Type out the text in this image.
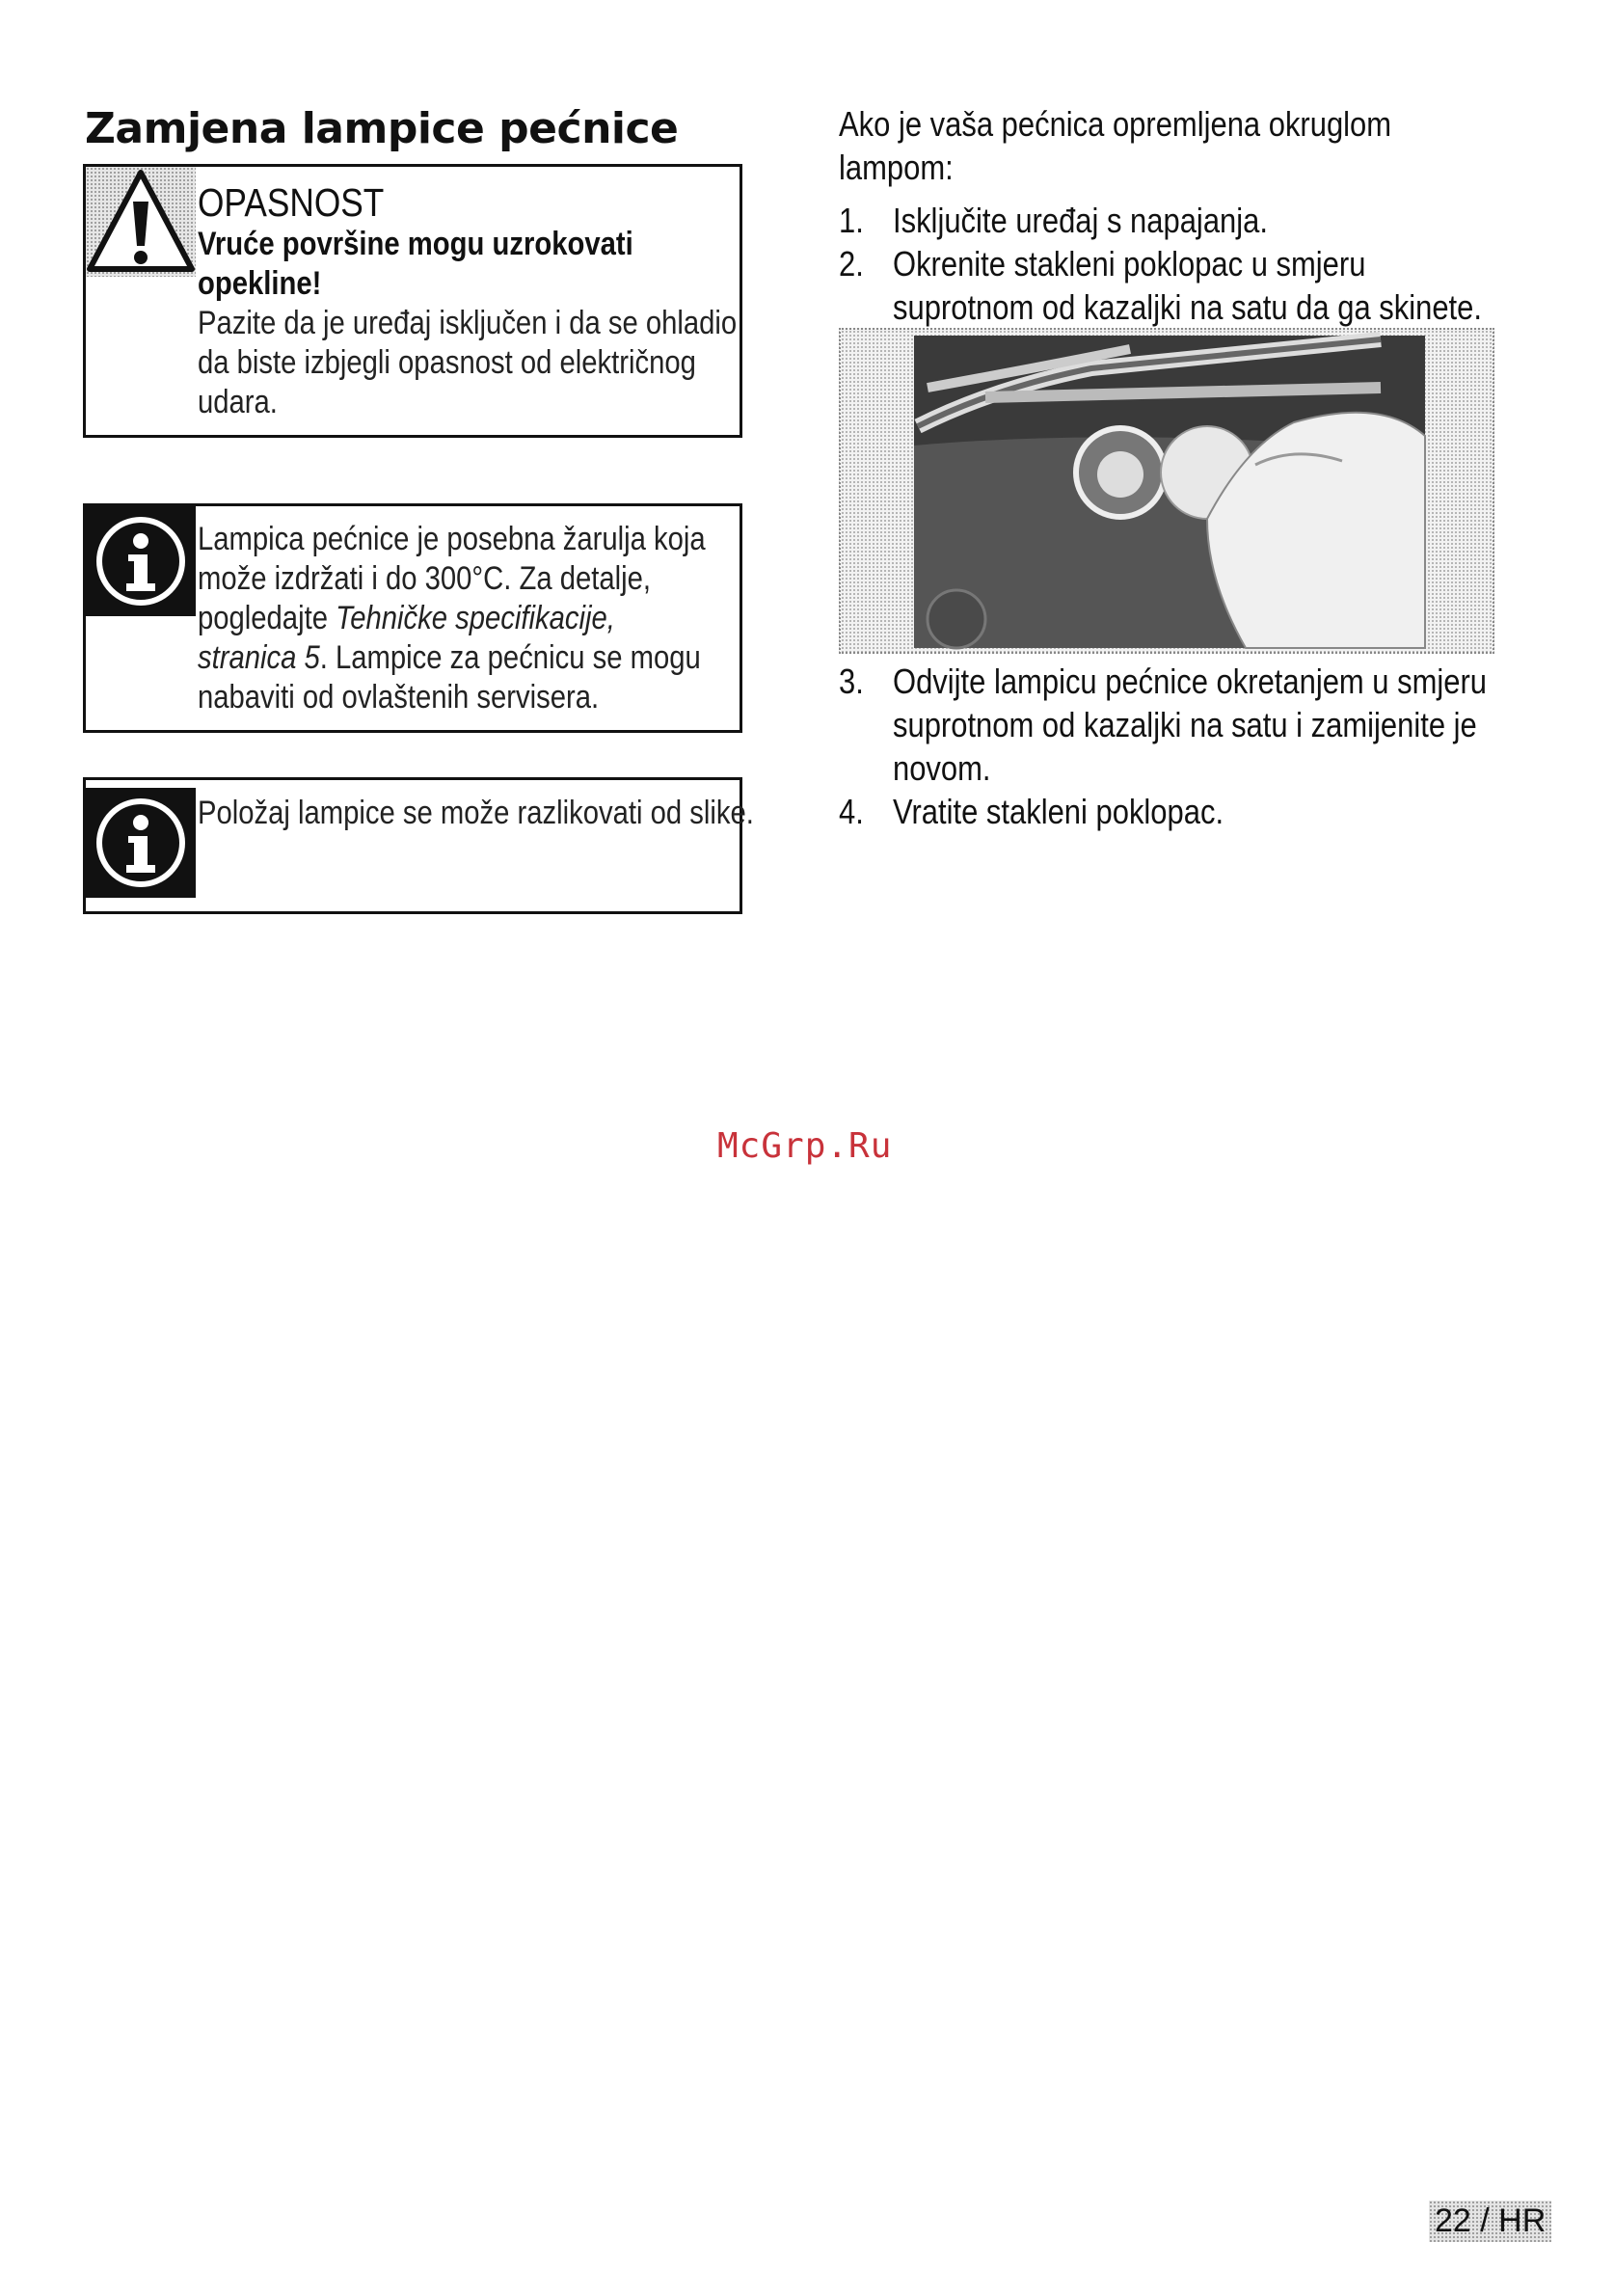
Zamjena lampice pećnice
OPASNOST
Vruće površine mogu uzrokovati
opekline!
Pazite da je uređaj isključen i da se ohladio
da biste izbjegli opasnost od električnog
udara.
Lampica pećnice je posebna žarulja koja
može izdržati i do 300°C. Za detalje,
pogledajte Tehničke specifikacije,
stranica 5. Lampice za pećnicu se mogu
nabaviti od ovlaštenih servisera.
Položaj lampice se može razlikovati od slike.
Ako je vaša pećnica opremljena okruglom
lampom:
1. Isključite uređaj s napajanja.
2. Okrenite stakleni poklopac u smjeru
suprotnom od kazaljki na satu da ga skinete.
3. Odvijte lampicu pećnice okretanjem u smjeru
suprotnom od kazaljki na satu i zamijenite je
novom.
4. Vratite stakleni poklopac.
McGrp.Ru
22 / HR
